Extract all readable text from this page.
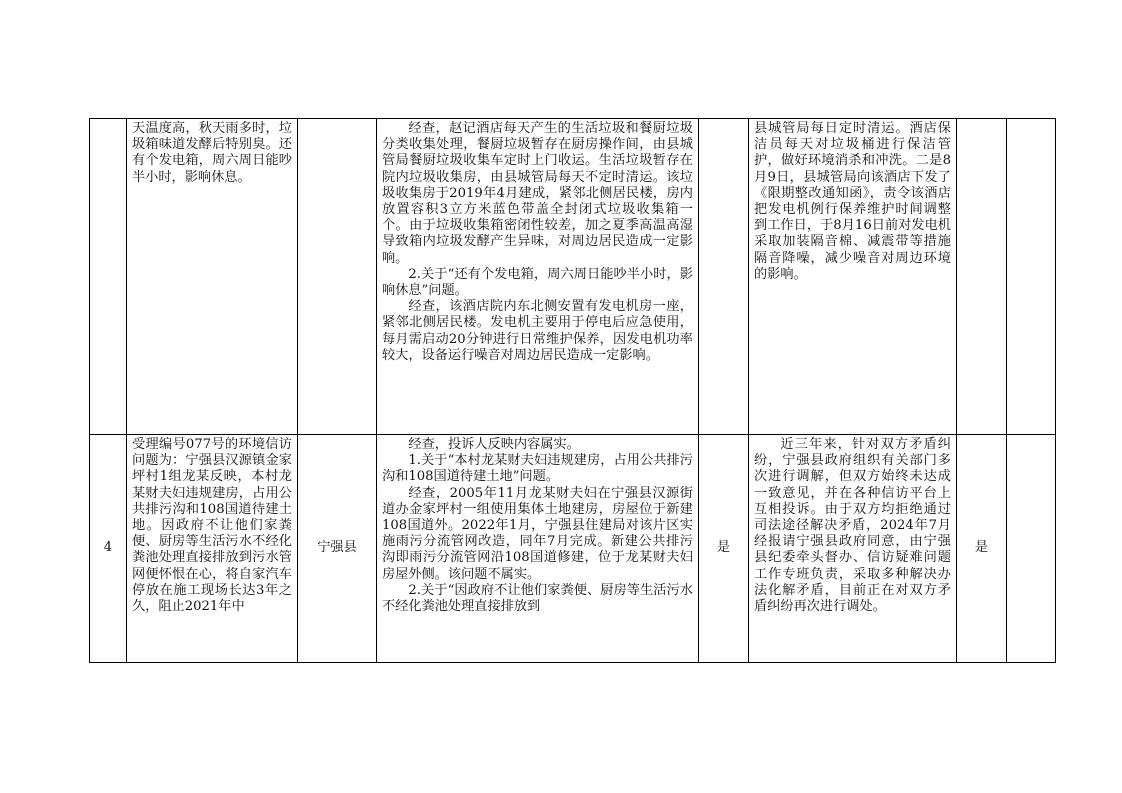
	天温度高，秋天雨多时，垃圾箱味道发酵后特别臭。还有个发电箱，周六周日能吵半小时，影响休息。		经查，赵记酒店每天产生的生活垃圾和餐厨垃圾分类收集处理，餐厨垃圾暂存在厨房操作间，由县城管局餐厨垃圾收集车定时上门收运。生活垃圾暂存在院内垃圾收集房，由县城管局每天不定时清运。该垃圾收集房于2019年4月建成，紧邻北侧居民楼，房内放置容积3立方米蓝色带盖全封闭式垃圾收集箱一个。由于垃圾收集箱密闭性较差，加之夏季高温高湿导致箱内垃圾发酵产生异味，对周边居民造成一定影响。

2.关于“还有个发电箱，周六周日能吵半小时，影响休息”问题。

经查，该酒店院内东北侧安置有发电机房一座，紧邻北侧居民楼。发电机主要用于停电后应急使用，每月需启动20分钟进行日常维护保养，因发电机功率较大，设备运行噪音对周边居民造成一定影响。		县城管局每日定时清运。酒店保洁员每天对垃圾桶进行保洁管护，做好环境消杀和冲洗。二是8月9日，县城管局向该酒店下发了《限期整改通知函》，责令该酒店把发电机例行保养维护时间调整到工作日，于8月16日前对发电机采取加装隔音棉、减震带等措施隔音降噪，减少噪音对周边环境的影响。		

4	受理编号077号的环境信访问题为：宁强县汉源镇金家坪村1组龙某反映，本村龙某财夫妇违规建房，占用公共排污沟和108国道待建土地。因政府不让他们家粪便、厨房等生活污水不经化粪池处理直接排放到污水管网便怀恨在心，将自家汽车停放在施工现场长达3年之久，阻止2021年中	宁强县	经查，投诉人反映内容属实。

1.关于“本村龙某财夫妇违规建房，占用公共排污沟和108国道待建土地”问题。

经查，2005年11月龙某财夫妇在宁强县汉源街道办金家坪村一组使用集体土地建房，房屋位于新建108国道外。2022年1月，宁强县住建局对该片区实施雨污分流管网改造，同年7月完成。新建公共排污沟即雨污分流管网沿108国道修建，位于龙某财夫妇房屋外侧。该问题不属实。

2.关于“因政府不让他们家粪便、厨房等生活污水不经化粪池处理直接排放到	是	近三年来，针对双方矛盾纠纷，宁强县政府组织有关部门多次进行调解，但双方始终未达成一致意见，并在各种信访平台上互相投诉。由于双方均拒绝通过司法途径解决矛盾，2024年7月经报请宁强县政府同意，由宁强县纪委牵头督办、信访疑难问题工作专班负责，采取多种解决办法化解矛盾，目前正在对双方矛盾纠纷再次进行调处。	是	
